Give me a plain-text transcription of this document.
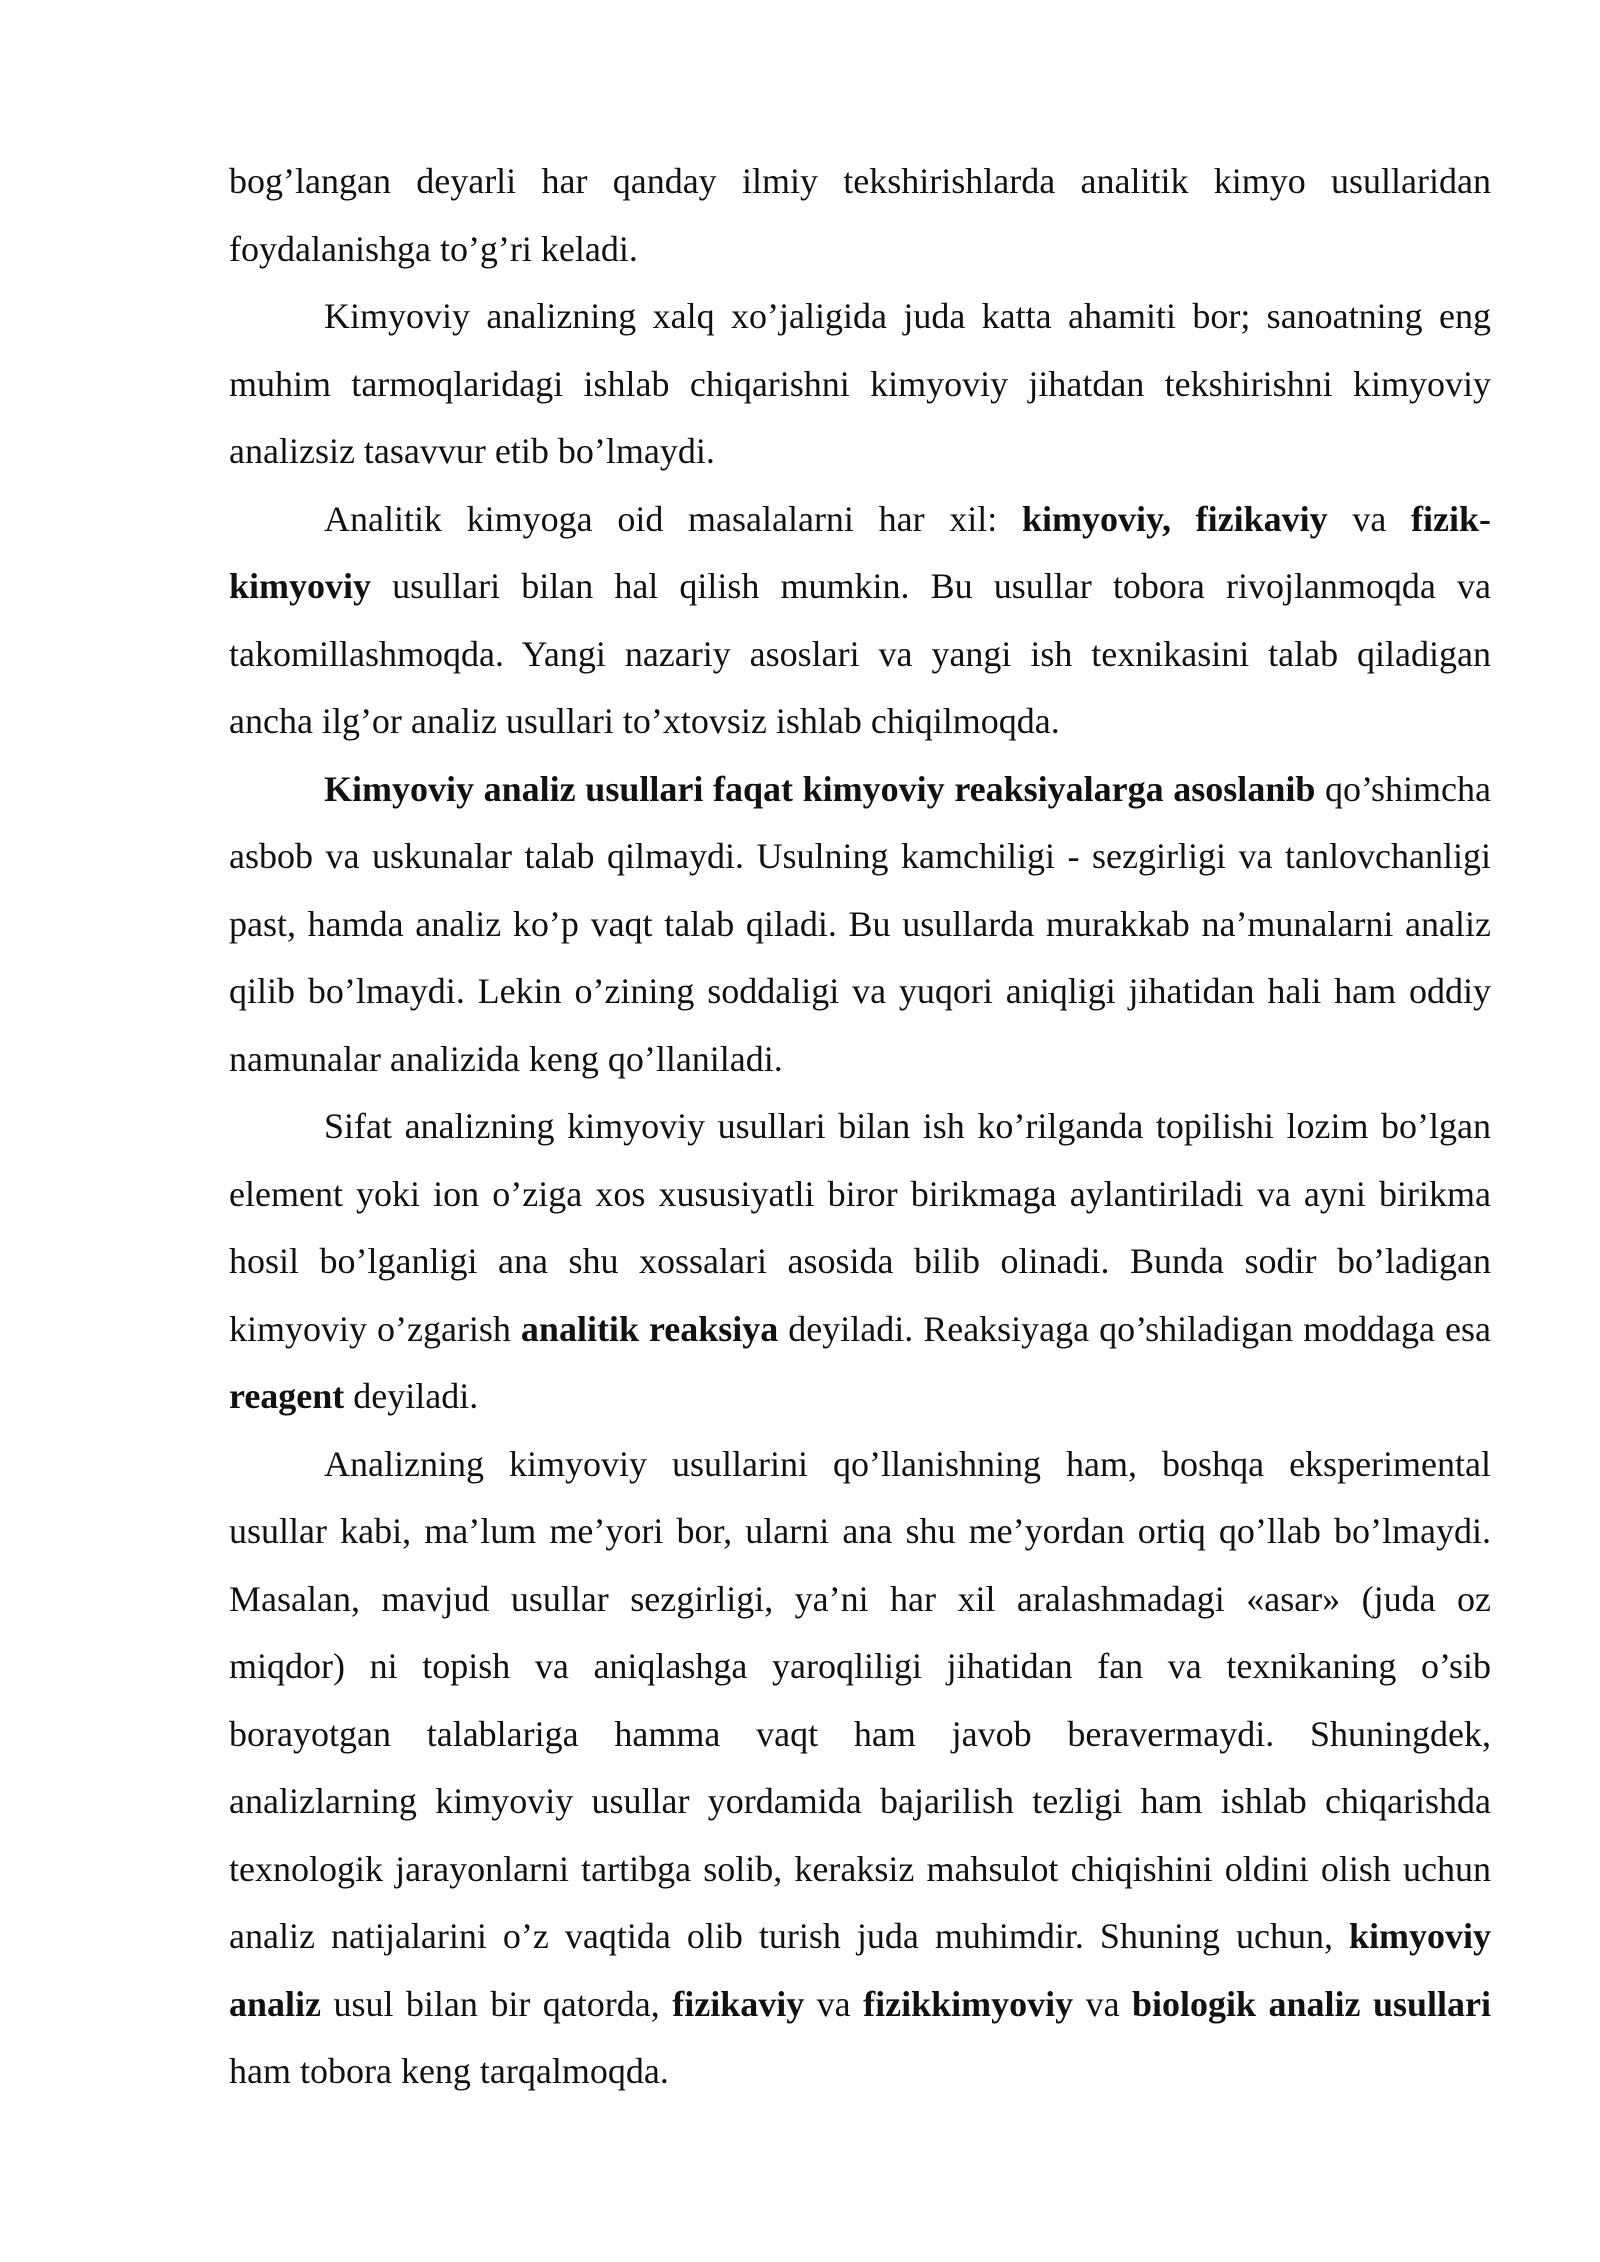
bog’langan deyarli har qanday ilmiy tekshirishlarda analitik kimyo usullaridan foydalanishga to’g’ri keladi.

Kimyoviy analizning xalq xo’jaligida juda katta ahamiti bor; sanoatning eng muhim tarmoqlaridagi ishlab chiqarishni kimyoviy jihatdan tekshirishni kimyoviy analizsiz tasavvur etib bo’lmaydi.

Analitik kimyoga oid masalalarni har xil: kimyoviy, fizikaviy va fizik-kimyoviy usullari bilan hal qilish mumkin. Bu usullar tobora rivojlanmoqda va takomillashmoqda. Yangi nazariy asoslari va yangi ish texnikasini talab qiladigan ancha ilg’or analiz usullari to’xtovsiz ishlab chiqilmoqda.

Kimyoviy analiz usullari faqat kimyoviy reaksiyalarga asoslanib qo’shimcha asbob va uskunalar talab qilmaydi. Usulning kamchiligi - sezgirligi va tanlovchanligi past, hamda analiz ko’p vaqt talab qiladi. Bu usullarda murakkab na’munalarni analiz qilib bo’lmaydi. Lekin o’zining soddaligi va yuqori aniqligi jihatidan hali ham oddiy namunalar analizida keng qo’llaniladi.

Sifat analizning kimyoviy usullari bilan ish ko’rilganda topilishi lozim bo’lgan element yoki ion o’ziga xos xususiyatli biror birikmaga aylantiriladi va ayni birikma hosil bo’lganligi ana shu xossalari asosida bilib olinadi. Bunda sodir bo’ladigan kimyoviy o’zgarish analitik reaksiya deyiladi. Reaksiyaga qo’shiladigan moddaga esa reagent deyiladi.

Analizning kimyoviy usullarini qo’llanishning ham, boshqa eksperimental usullar kabi, ma’lum me’yori bor, ularni ana shu me’yordan ortiq qo’llab bo’lmaydi. Masalan, mavjud usullar sezgirligi, ya’ni har xil aralashmadagi «asar» (juda oz miqdor) ni topish va aniqlashga yaroqliligi jihatidan fan va texnikaning o’sib borayotgan talablariga hamma vaqt ham javob beravermaydi. Shuningdek, analizlarning kimyoviy usullar yordamida bajarilish tezligi ham ishlab chiqarishda texnologik jarayonlarni tartibga solib, keraksiz mahsulot chiqishini oldini olish uchun analiz natijalarini o’z vaqtida olib turish juda muhimdir. Shuning uchun, kimyoviy analiz usul bilan bir qatorda, fizikaviy va fizikkimyoviy va biologik analiz usullari ham tobora keng tarqalmoqda.
